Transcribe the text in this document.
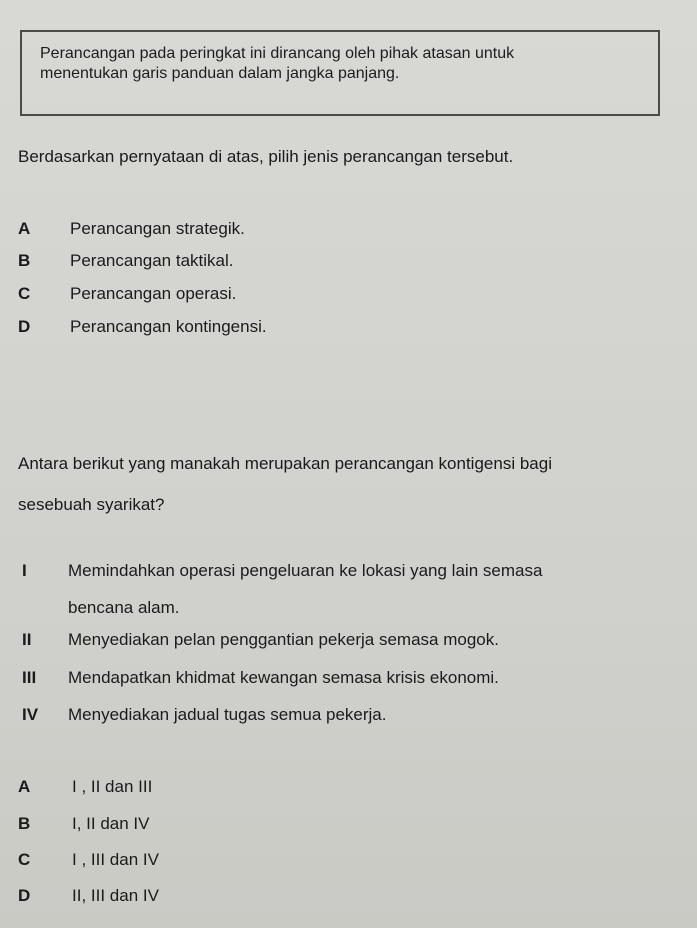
Perancangan pada peringkat ini dirancang oleh pihak atasan untuk

menentukan garis panduan dalam jangka panjang.

Berdasarkan pernyataan di atas, pilih jenis perancangan tersebut.

A	Perancangan strategik.
B	Perancangan taktikal.
C	Perancangan operasi.
D	Perancangan kontingensi.

Antara berikut yang manakah merupakan perancangan kontigensi bagi

sesebuah syarikat?

I Memindahkan operasi pengeluaran ke lokasi yang lain semasa
bencana alam.
II Menyediakan pelan penggantian pekerja semasa mogok.
III Mendapatkan khidmat kewangan semasa krisis ekonomi.
IV Menyediakan jadual tugas semua pekerja.
A I , II dan III
B I, II dan IV
C I , III dan IV
D II, III dan IV
